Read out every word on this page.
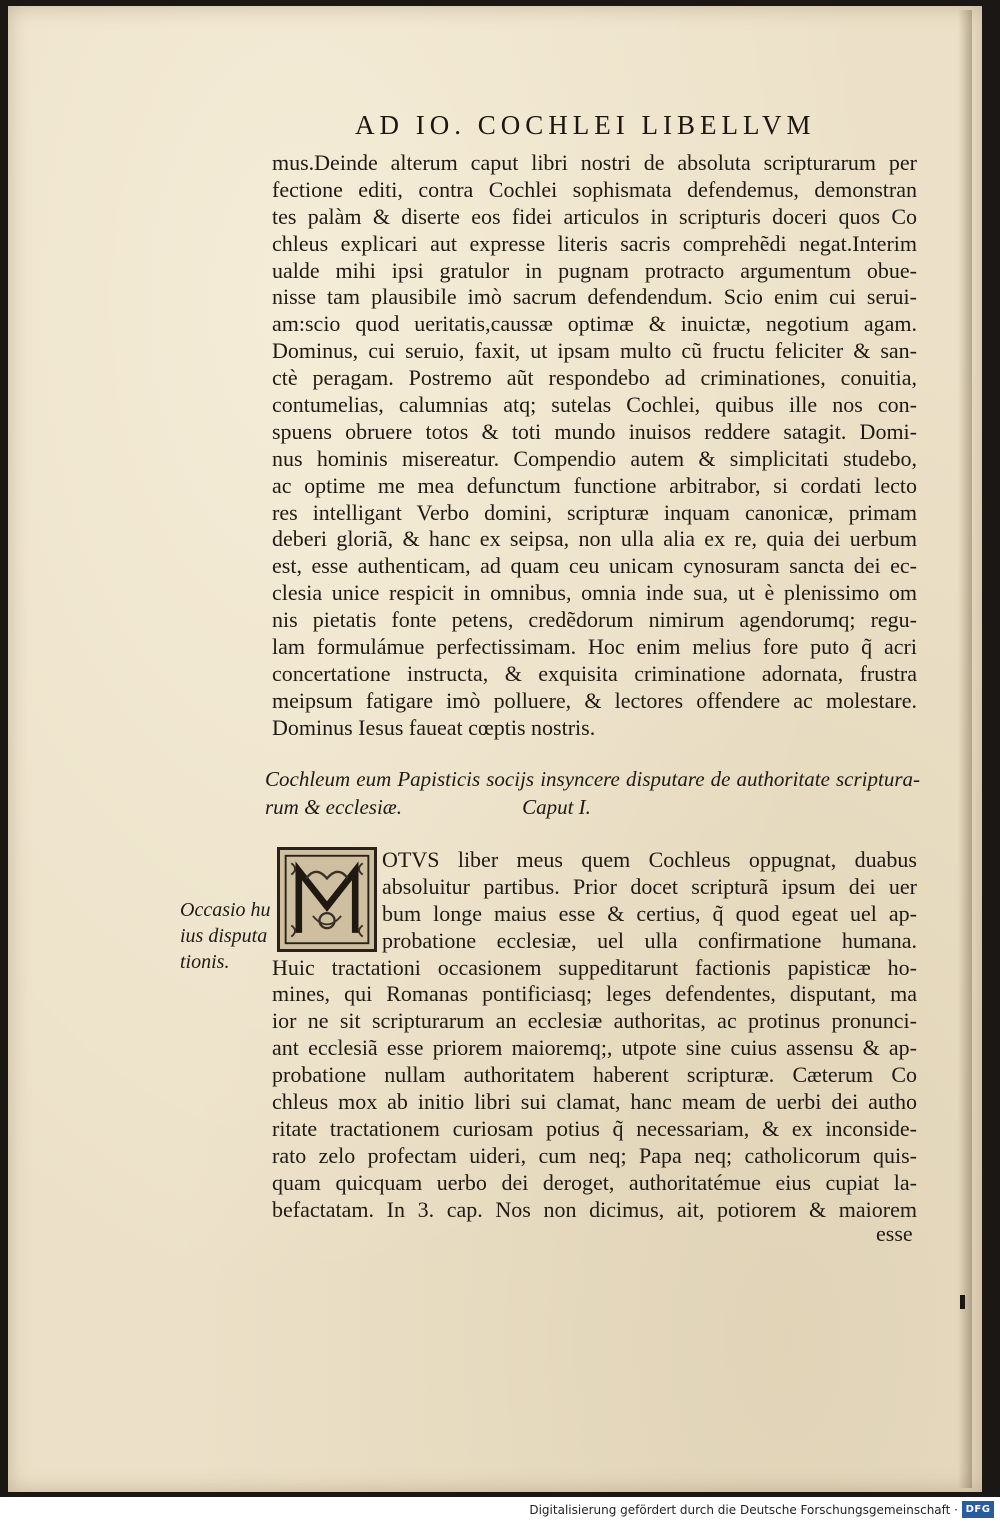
AD IO. COCHLEI LIBELLVM
mus.Deinde alterum caput libri nostri de absoluta scripturarum per
fectione editi, contra Cochlei sophismata defendemus, demonstran
tes palàm & diserte eos fidei articulos in scripturis doceri quos Co
chleus explicari aut expresse literis sacris comprehẽdi negat.Interim
ualde mihi ipsi gratulor in pugnam protracto argumentum obue-
nisse tam plausibile imò sacrum defendendum. Scio enim cui serui-
am:scio quod ueritatis,caussæ optimæ & inuictæ, negotium agam.
Dominus, cui seruio, faxit, ut ipsam multo cũ fructu feliciter & san-
ctè peragam. Postremo aũt respondebo ad criminationes, conuitia,
contumelias, calumnias atq; sutelas Cochlei, quibus ille nos con-
spuens obruere totos & toti mundo inuisos reddere satagit. Domi-
nus hominis misereatur. Compendio autem & simplicitati studebo,
ac optime me mea defunctum functione arbitrabor, si cordati lecto
res intelligant Verbo domini, scripturæ inquam canonicæ, primam
deberi gloriã, & hanc ex seipsa, non ulla alia ex re, quia dei uerbum
est, esse authenticam, ad quam ceu unicam cynosuram sancta dei ec-
clesia unice respicit in omnibus, omnia inde sua, ut è plenissimo om
nis pietatis fonte petens, credẽdorum nimirum agendorumq; regu-
lam formulámue perfectissimam. Hoc enim melius fore puto q̃ acri
concertatione instructa, & exquisita criminatione adornata, frustra
meipsum fatigare imò polluere, & lectores offendere ac molestare.
Dominus Iesus faueat cœptis nostris.
Cochleum eum Papisticis socijs insyncere disputare de authoritate scriptura-
rum & ecclesiæ.	Caput I.
OTVS liber meus quem Cochleus oppugnat, duabus
absoluitur partibus. Prior docet scripturã ipsum dei uer
bum longe maius esse & certius, q̃ quod egeat uel ap-
probatione ecclesiæ, uel ulla confirmatione humana.
Huic tractationi occasionem suppeditarunt factionis papisticæ ho-
mines, qui Romanas pontificiasq; leges defendentes, disputant, ma
ior ne sit scripturarum an ecclesiæ authoritas, ac protinus pronunci-
ant ecclesiã esse priorem maioremq;, utpote sine cuius assensu & ap-
probatione nullam authoritatem haberent scripturæ. Cæterum Co
chleus mox ab initio libri sui clamat, hanc meam de uerbi dei autho
ritate tractationem curiosam potius q̃ necessariam, & ex inconside-
rato zelo profectam uideri, cum neq; Papa neq; catholicorum quis-
quam quicquam uerbo dei deroget, authoritatémue eius cupiat la-
befactatam. In 3. cap. Nos non dicimus, ait, potiorem & maiorem
esse
Occasio hu
ius disputa
tionis.
Digitalisierung gefördert durch die Deutsche Forschungsgemeinschaft · DFG
